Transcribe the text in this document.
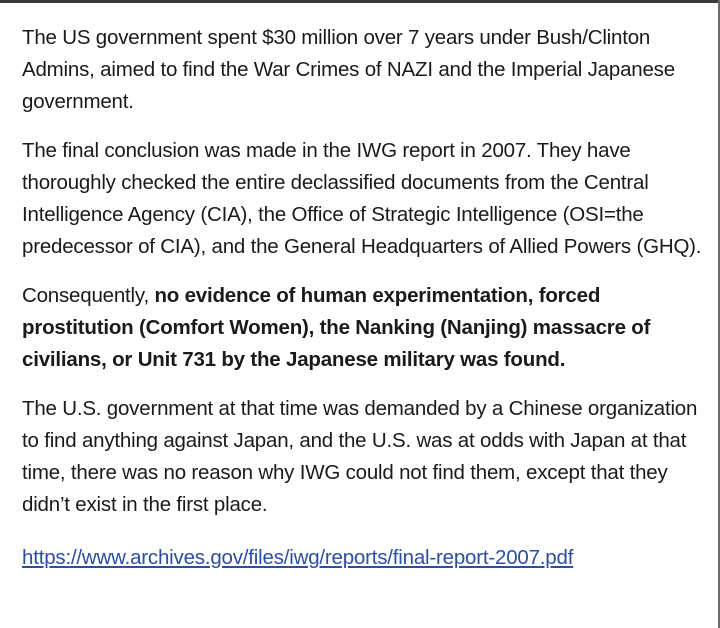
The US government spent $30 million over 7 years under Bush/Clinton Admins, aimed to find the War Crimes of NAZI and the Imperial Japanese government.

The final conclusion was made in the IWG report in 2007. They have thoroughly checked the entire declassified documents from the Central Intelligence Agency (CIA), the Office of Strategic Intelligence (OSI=the predecessor of CIA), and the General Headquarters of Allied Powers (GHQ).

Consequently, no evidence of human experimentation, forced prostitution (Comfort Women), the Nanking (Nanjing) massacre of civilians, or Unit 731 by the Japanese military was found.

The U.S. government at that time was demanded by a Chinese organization to find anything against Japan, and the U.S. was at odds with Japan at that time, there was no reason why IWG could not find them, except that they didn’t exist in the first place.

https://www.archives.gov/files/iwg/reports/final-report-2007.pdf
